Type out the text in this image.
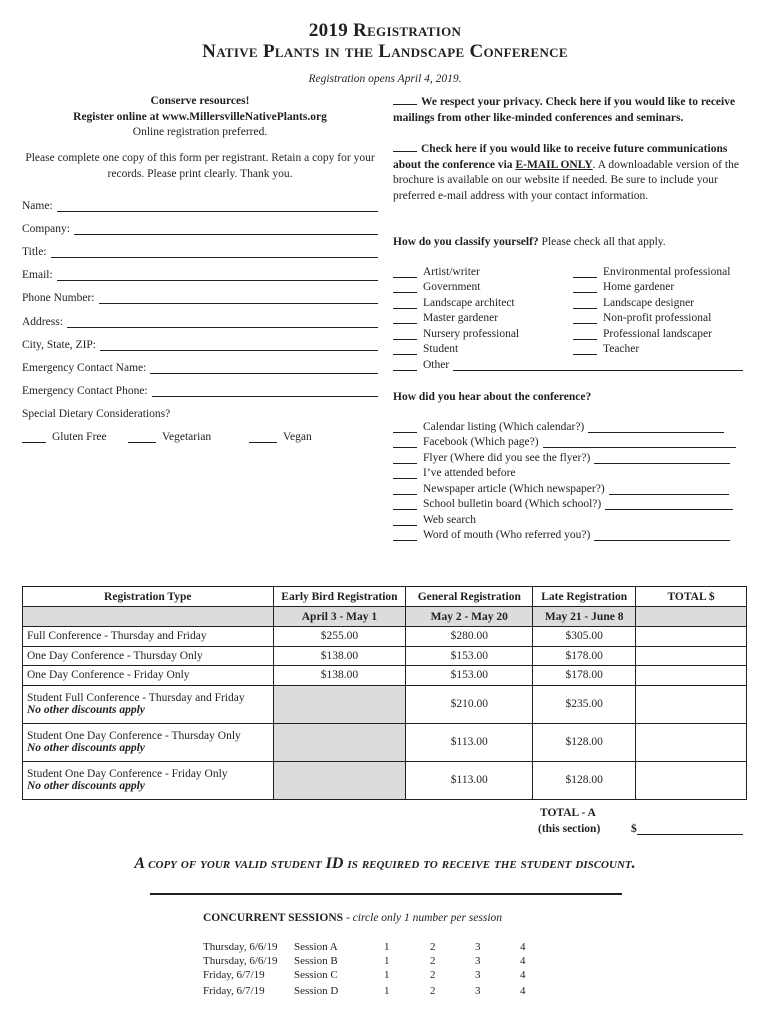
2019 Registration
Native Plants in the Landscape Conference
Registration opens April 4, 2019.
Conserve resources!
Register online at www.MillersvilleNativePlants.org
Online registration preferred.
Please complete one copy of this form per registrant. Retain a copy for your records. Please print clearly. Thank you.
Name:
Company:
Title:
Email:
Phone Number:
Address:
City, State, ZIP:
Emergency Contact Name:
Emergency Contact Phone:
Special Dietary Considerations?
Gluten Free	Vegetarian	Vegan
We respect your privacy. Check here if you would like to receive mailings from other like-minded conferences and seminars.
Check here if you would like to receive future communications about the conference via E-MAIL ONLY. A downloadable version of the brochure is available on our website if needed. Be sure to include your preferred e-mail address with your contact information.
How do you classify yourself? Please check all that apply.
Artist/writer
Government
Landscape architect
Master gardener
Nursery professional
Student
Other
Environmental professional
Home gardener
Landscape designer
Non-profit professional
Professional landscaper
Teacher
How did you hear about the conference?
Calendar listing (Which calendar?)
Facebook (Which page?)
Flyer (Where did you see the flyer?)
I’ve attended before
Newspaper article (Which newspaper?)
School bulletin board (Which school?)
Web search
Word of mouth (Who referred you?)
Registration Type	Early Bird Registration	General Registration	Late Registration	TOTAL $
	April 3 - May 1	May 2 - May 20	May 21 - June 8	
Full Conference - Thursday and Friday	$255.00	$280.00	$305.00	
One Day Conference - Thursday Only	$138.00	$153.00	$178.00	
One Day Conference - Friday Only	$138.00	$153.00	$178.00	

Student Full Conference - Thursday and Friday
No other discounts apply		$210.00	$235.00	

Student One Day Conference - Thursday Only
No other discounts apply		$113.00	$128.00	

Student One Day Conference - Friday Only
No other discounts apply		$113.00	$128.00	
TOTAL - A
(this section)	$
A copy of your valid student ID is required to receive the student discount.
CONCURRENT SESSIONS - circle only 1 number per session
Thursday, 6/6/19 Session A	1	2	3	4
Thursday, 6/6/19 Session B	1	2	3	4
Friday, 6/7/19	Session C	1	2	3	4
Friday, 6/7/19	Session D	1	2	3	4
